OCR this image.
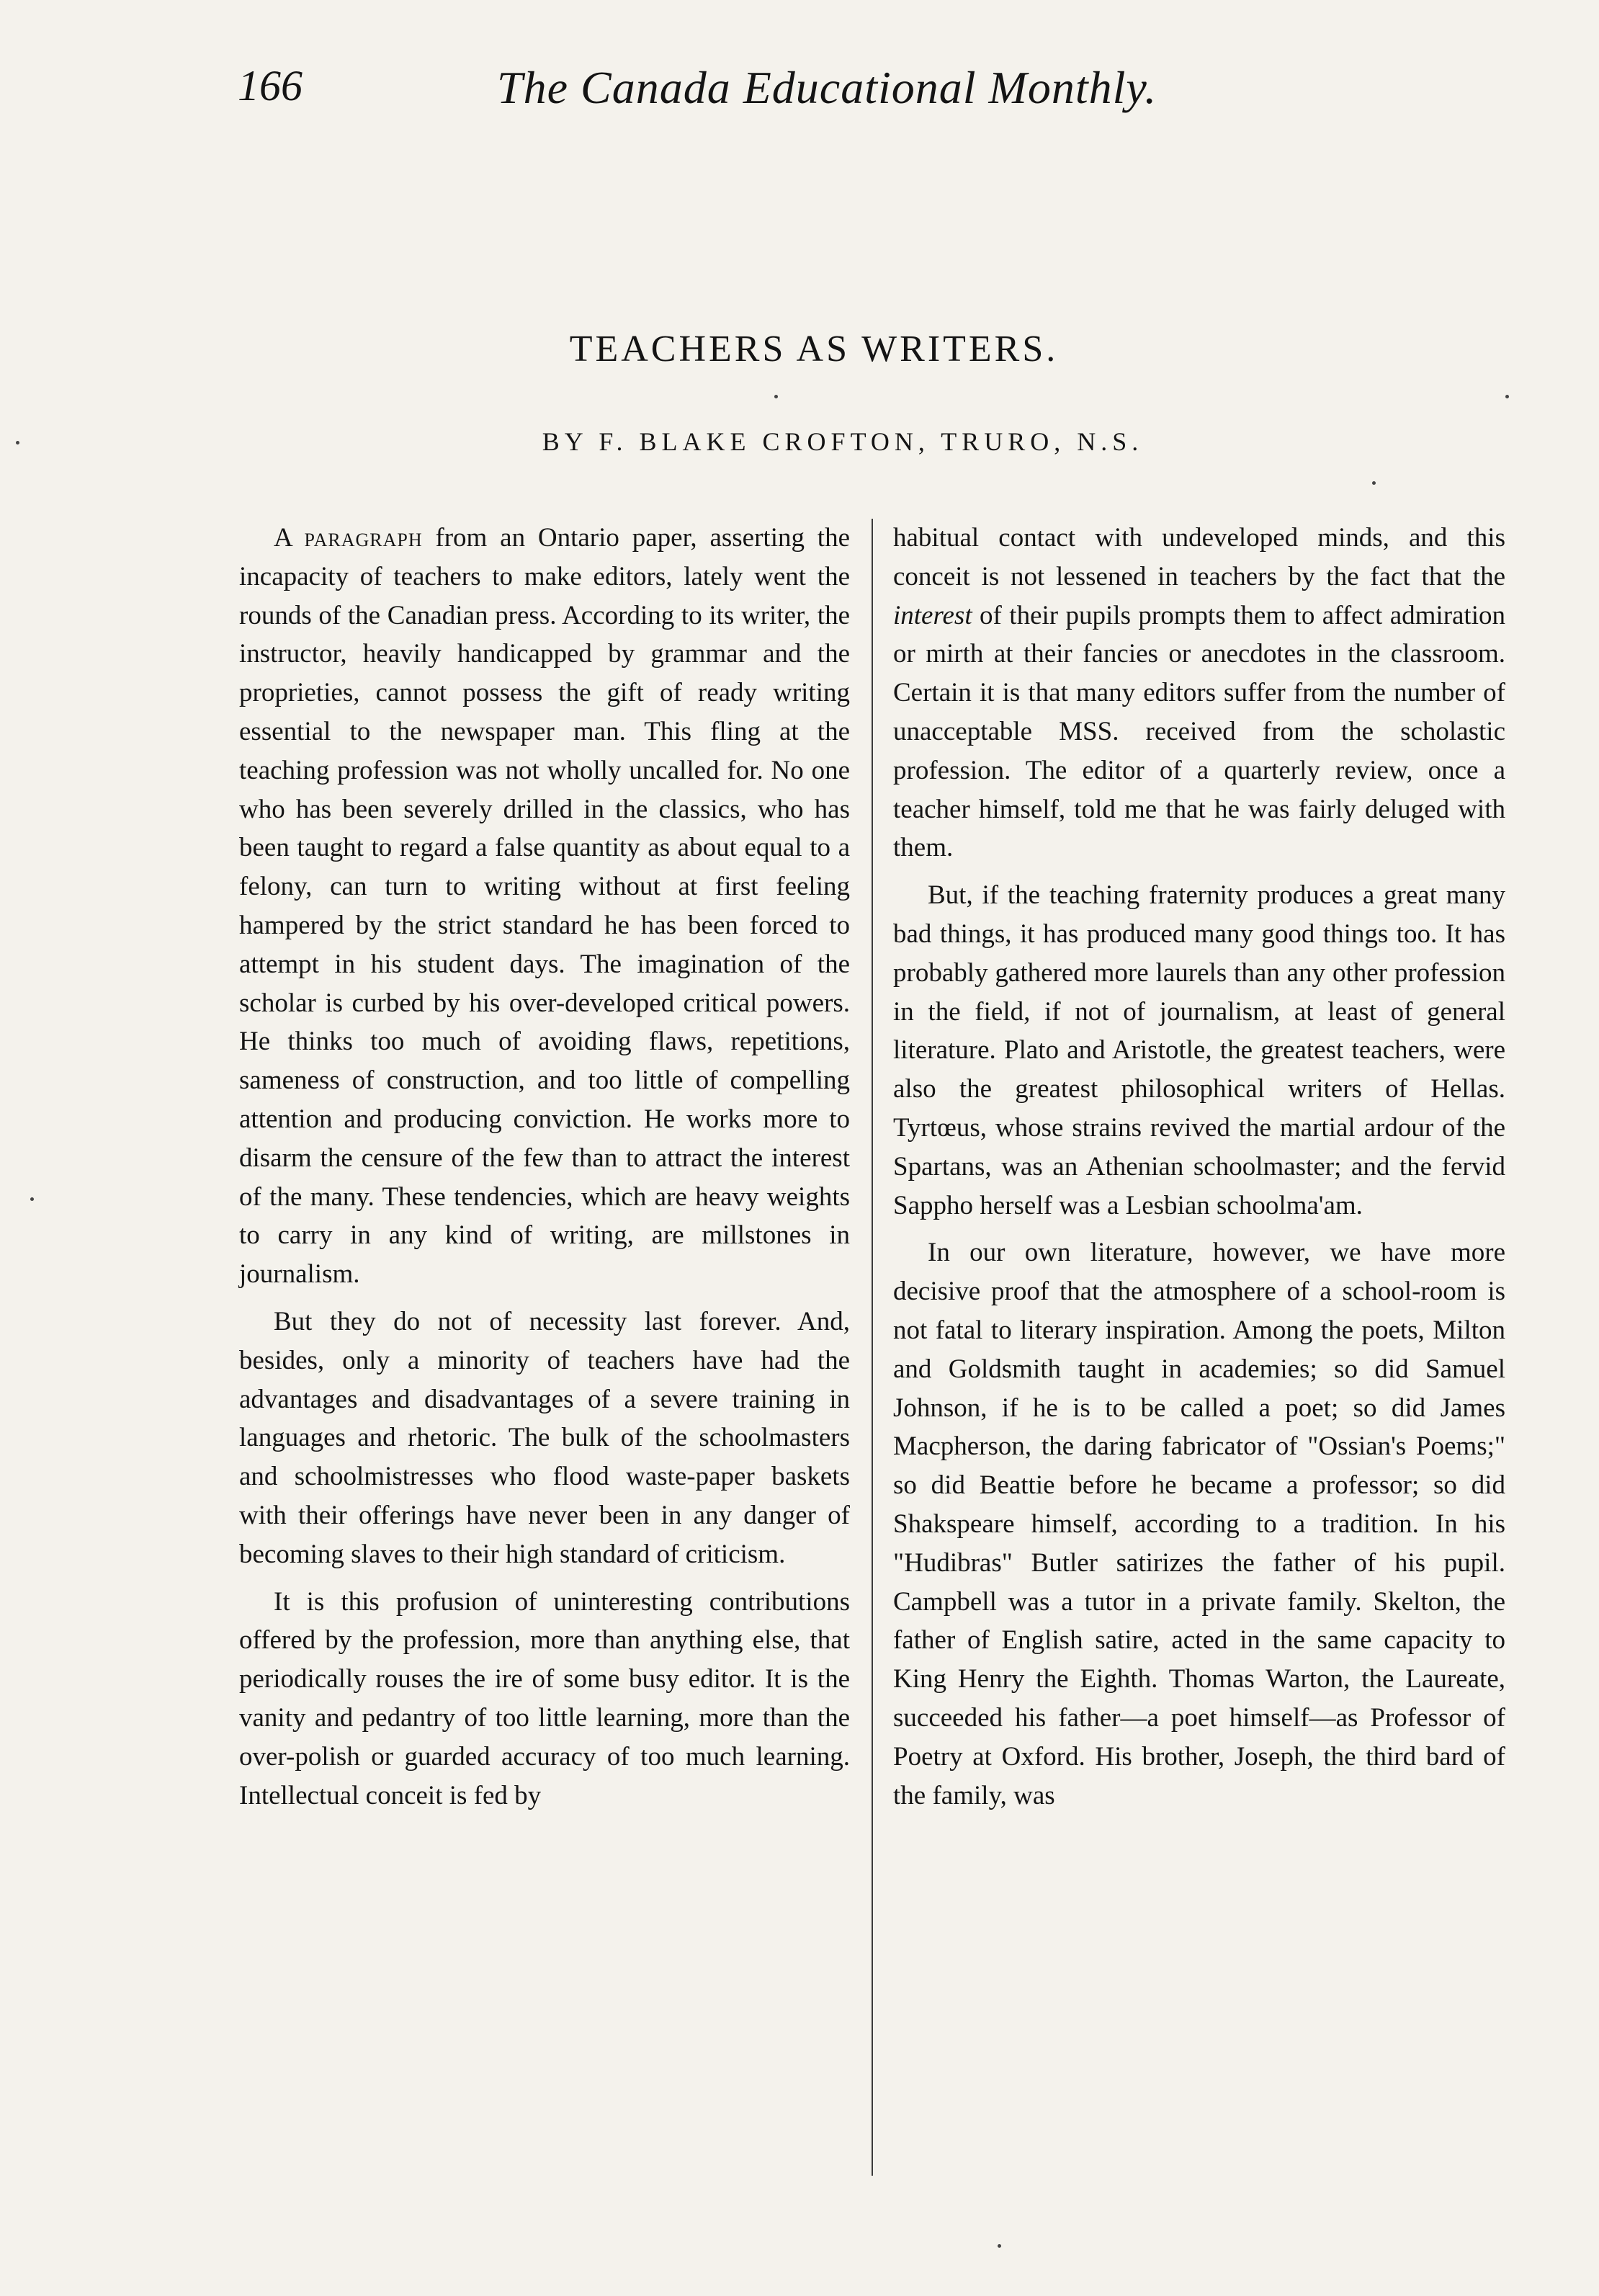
166	The Canada Educational Monthly.
TEACHERS AS WRITERS.
BY F. BLAKE CROFTON, TRURO, N.S.

A paragraph from an Ontario paper, asserting the incapacity of teachers to make editors, lately went the rounds of the Canadian press. According to its writer, the instructor, heavily handicapped by grammar and the proprieties, cannot possess the gift of ready writing essential to the newspaper man. This fling at the teaching profession was not wholly uncalled for. No one who has been severely drilled in the classics, who has been taught to regard a false quantity as about equal to a felony, can turn to writing without at first feeling hampered by the strict standard he has been forced to attempt in his student days. The imagination of the scholar is curbed by his over-developed critical powers. He thinks too much of avoiding flaws, repetitions, sameness of construction, and too little of compelling attention and producing conviction. He works more to disarm the censure of the few than to attract the interest of the many. These tendencies, which are heavy weights to carry in any kind of writing, are millstones in journalism.

But they do not of necessity last forever. And, besides, only a minority of teachers have had the advantages and disadvantages of a severe training in languages and rhetoric. The bulk of the schoolmasters and schoolmistresses who flood waste-paper baskets with their offerings have never been in any danger of becoming slaves to their high standard of criticism.

It is this profusion of uninteresting contributions offered by the profession, more than anything else, that periodically rouses the ire of some busy editor. It is the vanity and pedantry of too little learning, more than the over-polish or guarded accuracy of too much learning. Intellectual conceit is fed by

habitual contact with undeveloped minds, and this conceit is not lessened in teachers by the fact that the interest of their pupils prompts them to affect admiration or mirth at their fancies or anecdotes in the classroom. Certain it is that many editors suffer from the number of unacceptable MSS. received from the scholastic profession. The editor of a quarterly review, once a teacher himself, told me that he was fairly deluged with them.

But, if the teaching fraternity produces a great many bad things, it has produced many good things too. It has probably gathered more laurels than any other profession in the field, if not of journalism, at least of general literature. Plato and Aristotle, the greatest teachers, were also the greatest philosophical writers of Hellas. Tyrtœus, whose strains revived the martial ardour of the Spartans, was an Athenian schoolmaster; and the fervid Sappho herself was a Lesbian schoolma'am.

In our own literature, however, we have more decisive proof that the atmosphere of a school-room is not fatal to literary inspiration. Among the poets, Milton and Goldsmith taught in academies; so did Samuel Johnson, if he is to be called a poet; so did James Macpherson, the daring fabricator of "Ossian's Poems;" so did Beattie before he became a professor; so did Shakspeare himself, according to a tradition. In his "Hudibras" Butler satirizes the father of his pupil. Campbell was a tutor in a private family. Skelton, the father of English satire, acted in the same capacity to King Henry the Eighth. Thomas Warton, the Laureate, succeeded his father—a poet himself—as Professor of Poetry at Oxford. His brother, Joseph, the third bard of the family, was
